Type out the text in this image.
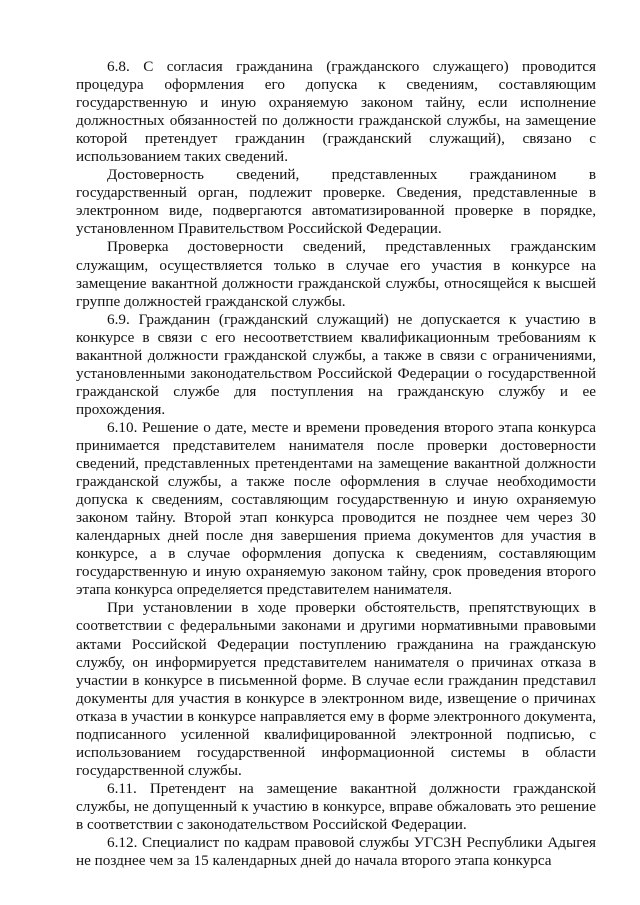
6.8. С согласия гражданина (гражданского служащего) проводится процедура оформления его допуска к сведениям, составляющим государственную и иную охраняемую законом тайну, если исполнение должностных обязанностей по должности гражданской службы, на замещение которой претендует гражданин (гражданский служащий), связано с использованием таких сведений.

Достоверность сведений, представленных гражданином в государственный орган, подлежит проверке. Сведения, представленные в электронном виде, подвергаются автоматизированной проверке в порядке, установленном Правительством Российской Федерации.

Проверка достоверности сведений, представленных гражданским служащим, осуществляется только в случае его участия в конкурсе на замещение вакантной должности гражданской службы, относящейся к высшей группе должностей гражданской службы.

6.9. Гражданин (гражданский служащий) не допускается к участию в конкурсе в связи с его несоответствием квалификационным требованиям к вакантной должности гражданской службы, а также в связи с ограничениями, установленными законодательством Российской Федерации о государственной гражданской службе для поступления на гражданскую службу и ее прохождения.

6.10. Решение о дате, месте и времени проведения второго этапа конкурса принимается представителем нанимателя после проверки достоверности сведений, представленных претендентами на замещение вакантной должности гражданской службы, а также после оформления в случае необходимости допуска к сведениям, составляющим государственную и иную охраняемую законом тайну. Второй этап конкурса проводится не позднее чем через 30 календарных дней после дня завершения приема документов для участия в конкурсе, а в случае оформления допуска к сведениям, составляющим государственную и иную охраняемую законом тайну, срок проведения второго этапа конкурса определяется представителем нанимателя.

При установлении в ходе проверки обстоятельств, препятствующих в соответствии с федеральными законами и другими нормативными правовыми актами Российской Федерации поступлению гражданина на гражданскую службу, он информируется представителем нанимателя о причинах отказа в участии в конкурсе в письменной форме. В случае если гражданин представил документы для участия в конкурсе в электронном виде, извещение о причинах отказа в участии в конкурсе направляется ему в форме электронного документа, подписанного усиленной квалифицированной электронной подписью, с использованием государственной информационной системы в области государственной службы.

6.11. Претендент на замещение вакантной должности гражданской службы, не допущенный к участию в конкурсе, вправе обжаловать это решение в соответствии с законодательством Российской Федерации.

6.12. Специалист по кадрам правовой службы УГСЗН Республики Адыгея не позднее чем за 15 календарных дней до начала второго этапа конкурса
